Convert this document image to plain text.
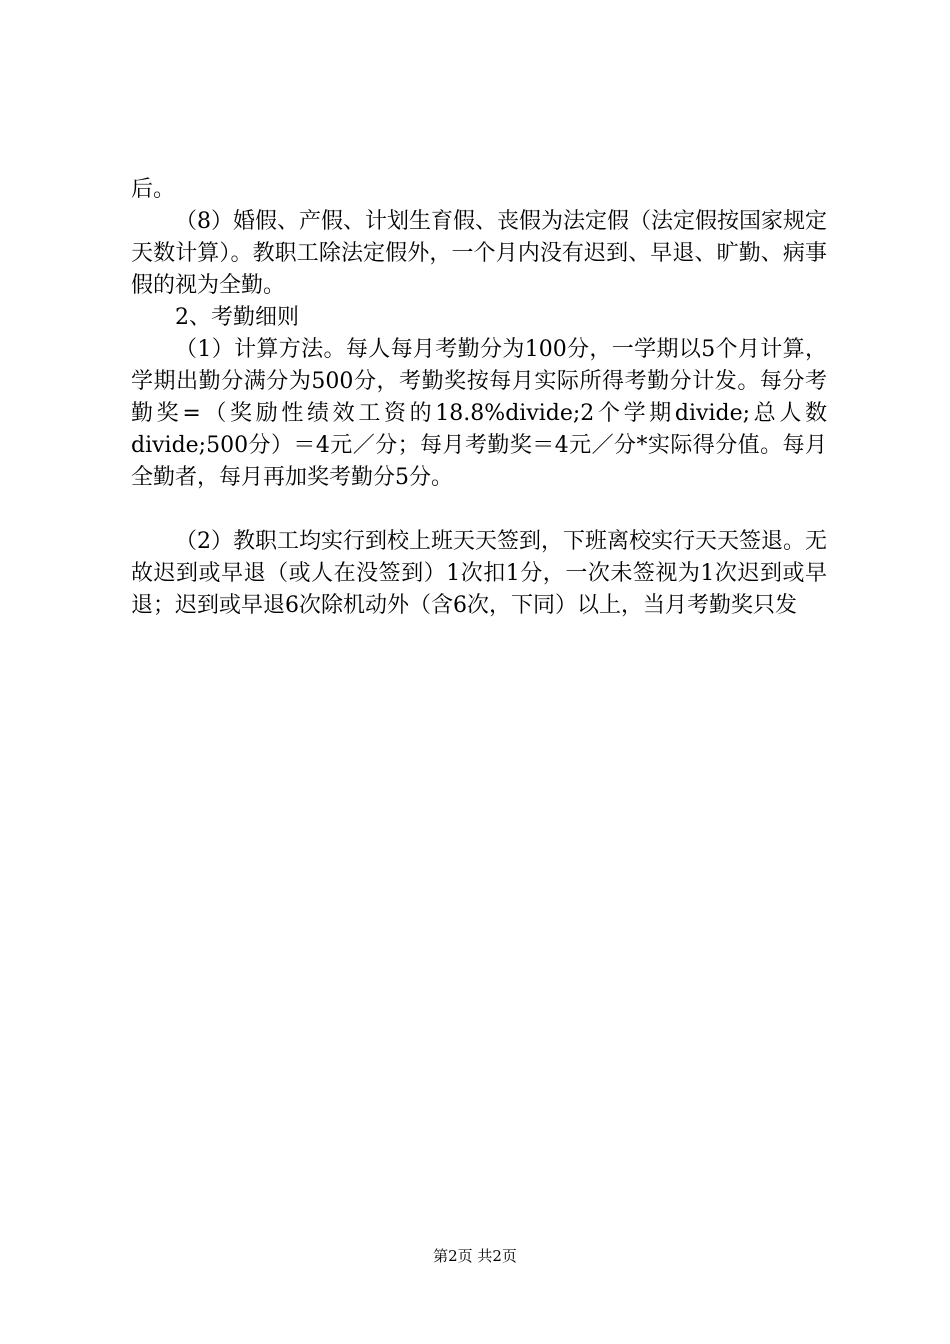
后。

（8）婚假、产假、计划生育假、丧假为法定假（法定假按国家规定天数计算）。教职工除法定假外，一个月内没有迟到、早退、旷勤、病事假的视为全勤。

2、考勤细则

（1）计算方法。每人每月考勤分为100分，一学期以5个月计算，学期出勤分满分为500分，考勤奖按每月实际所得考勤分计发。每分考勤奖=（奖励性绩效工资的18.8%divide;2个学期divide;总人数divide;500分）＝4元／分；每月考勤奖＝4元／分*实际得分值。每月全勤者，每月再加奖考勤分5分。

（2）教职工均实行到校上班天天签到，下班离校实行天天签退。无故迟到或早退（或人在没签到）1次扣1分，一次未签视为1次迟到或早退；迟到或早退6次除机动外（含6次，下同）以上，当月考勤奖只发

第2页 共2页
